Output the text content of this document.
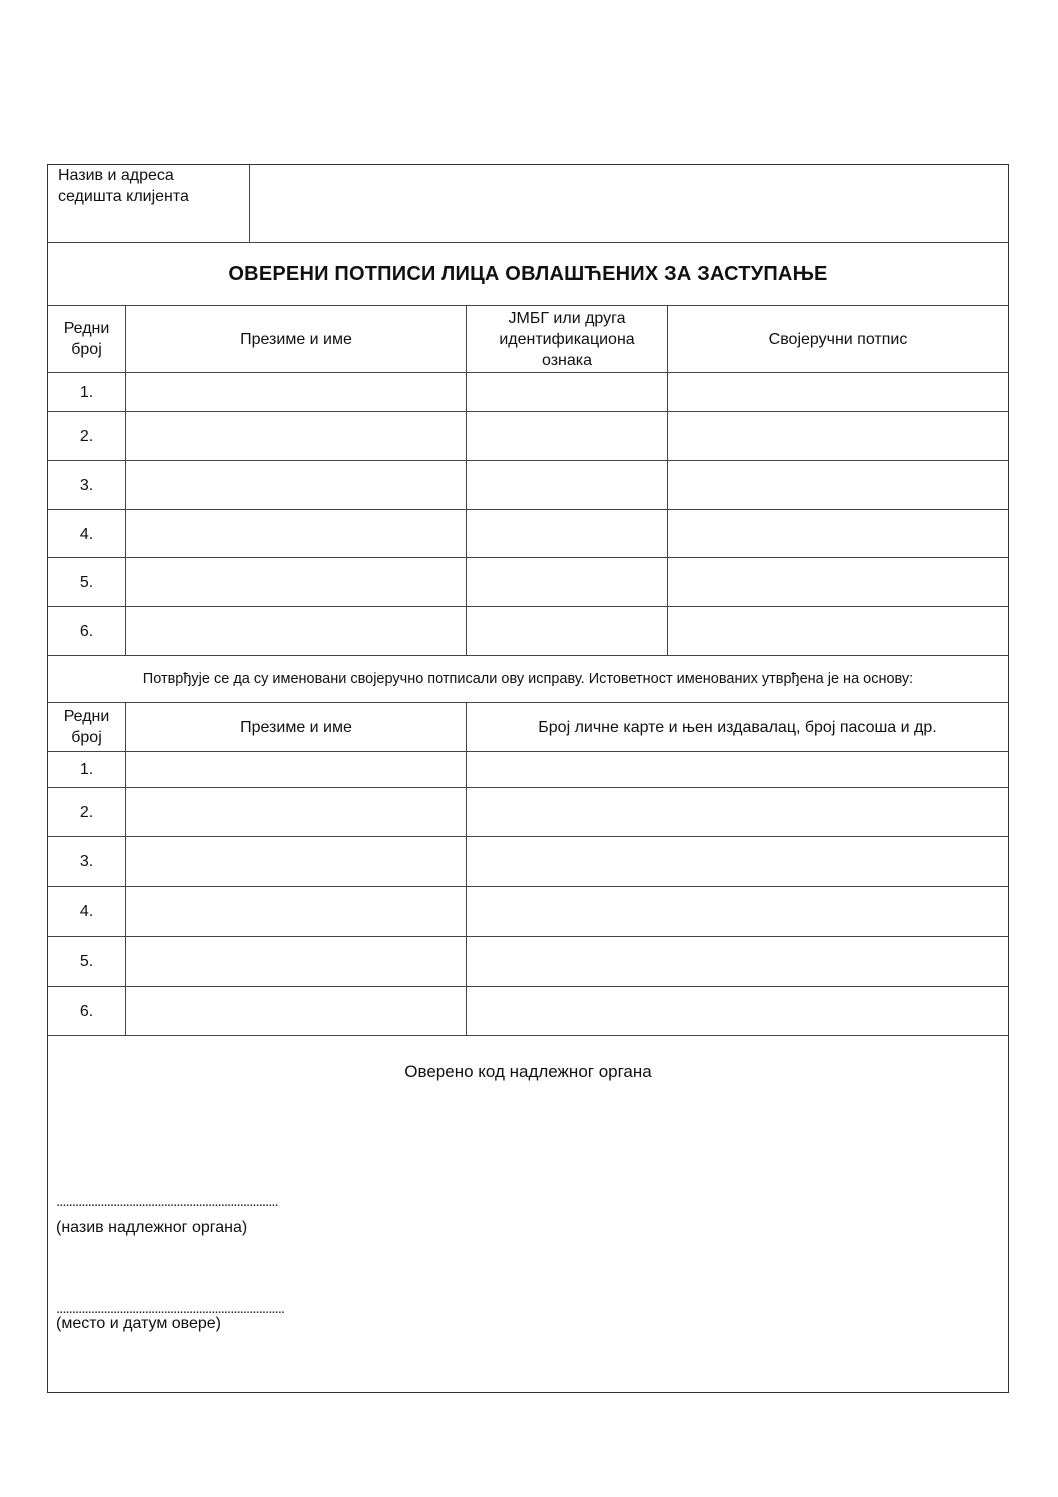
Назив и адреса
седишта клијента
ОВЕРЕНИ ПОТПИСИ ЛИЦА ОВЛАШЋЕНИХ ЗА ЗАСТУПАЊЕ
Редни
број
Презиме и име
ЈМБГ или друга
идентификациона
ознака
Својеручни потпис
1.
2.
3.
4.
5.
6.
Потврђује се да су именовани својеручно потписали ову исправу. Истоветност именованих утврђена је на основу:
Редни
број
Презиме и име	Број личне карте и њен издавалац, број пасоша и др.
1.
2.
3.
4.
5.
6.
Оверено код надлежног органа
......................................................................
(назив надлежног органа)
........................................................................
(место и датум овере)
